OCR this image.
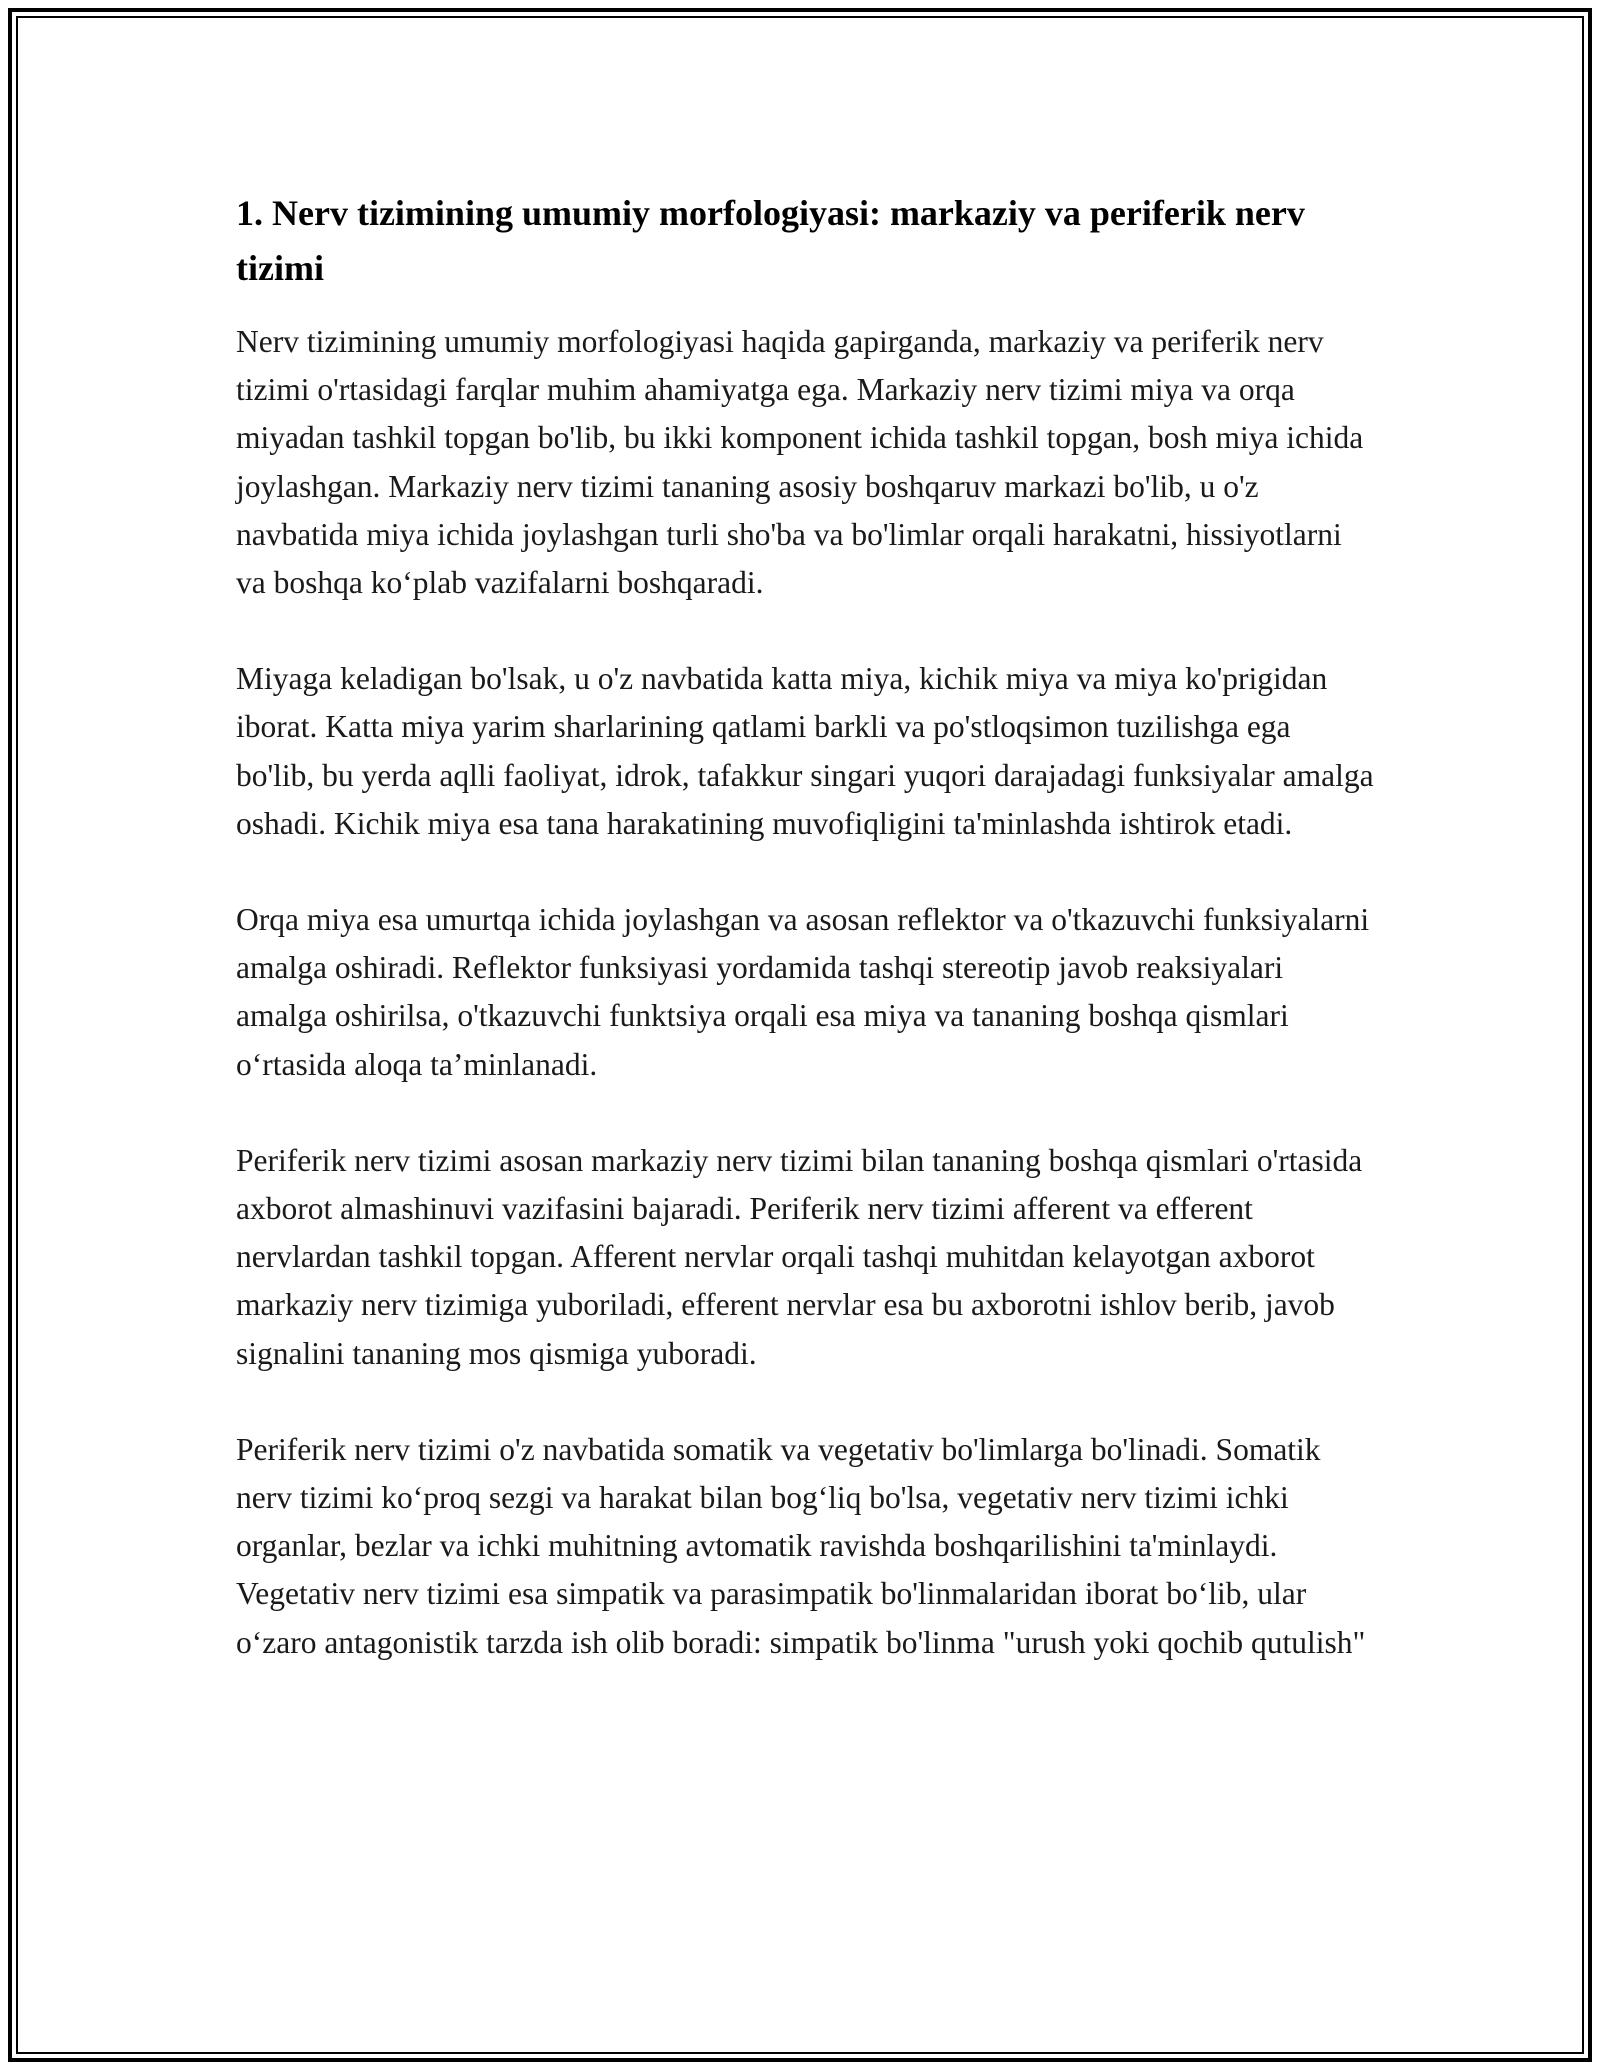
1. Nerv tizimining umumiy morfologiyasi: markaziy va periferik nerv tizimi

Nerv tizimining umumiy morfologiyasi haqida gapirganda, markaziy va periferik nerv tizimi o'rtasidagi farqlar muhim ahamiyatga ega. Markaziy nerv tizimi miya va orqa miyadan tashkil topgan bo'lib, bu ikki komponent ichida tashkil topgan, bosh miya ichida joylashgan. Markaziy nerv tizimi tananing asosiy boshqaruv markazi bo'lib, u o'z navbatida miya ichida joylashgan turli sho'ba va bo'limlar orqali harakatni, hissiyotlarni va boshqa ko‘plab vazifalarni boshqaradi.

Miyaga keladigan bo'lsak, u o'z navbatida katta miya, kichik miya va miya ko'prigidan iborat. Katta miya yarim sharlarining qatlami barkli va po'stloqsimon tuzilishga ega bo'lib, bu yerda aqlli faoliyat, idrok, tafakkur singari yuqori darajadagi funksiyalar amalga oshadi. Kichik miya esa tana harakatining muvofiqligini ta'minlashda ishtirok etadi.

Orqa miya esa umurtqa ichida joylashgan va asosan reflektor va o'tkazuvchi funksiyalarni amalga oshiradi. Reflektor funksiyasi yordamida tashqi stereotip javob reaksiyalari amalga oshirilsa, o'tkazuvchi funktsiya orqali esa miya va tananing boshqa qismlari o‘rtasida aloqa ta’minlanadi.

Periferik nerv tizimi asosan markaziy nerv tizimi bilan tananing boshqa qismlari o'rtasida axborot almashinuvi vazifasini bajaradi. Periferik nerv tizimi afferent va efferent nervlardan tashkil topgan. Afferent nervlar orqali tashqi muhitdan kelayotgan axborot markaziy nerv tizimiga yuboriladi, efferent nervlar esa bu axborotni ishlov berib, javob signalini tananing mos qismiga yuboradi.

Periferik nerv tizimi o'z navbatida somatik va vegetativ bo'limlarga bo'linadi. Somatik nerv tizimi ko‘proq sezgi va harakat bilan bog‘liq bo'lsa, vegetativ nerv tizimi ichki organlar, bezlar va ichki muhitning avtomatik ravishda boshqarilishini ta'minlaydi. Vegetativ nerv tizimi esa simpatik va parasimpatik bo'linmalaridan iborat bo‘lib, ular o‘zaro antagonistik tarzda ish olib boradi: simpatik bo'linma "urush yoki qochib qutulish"
